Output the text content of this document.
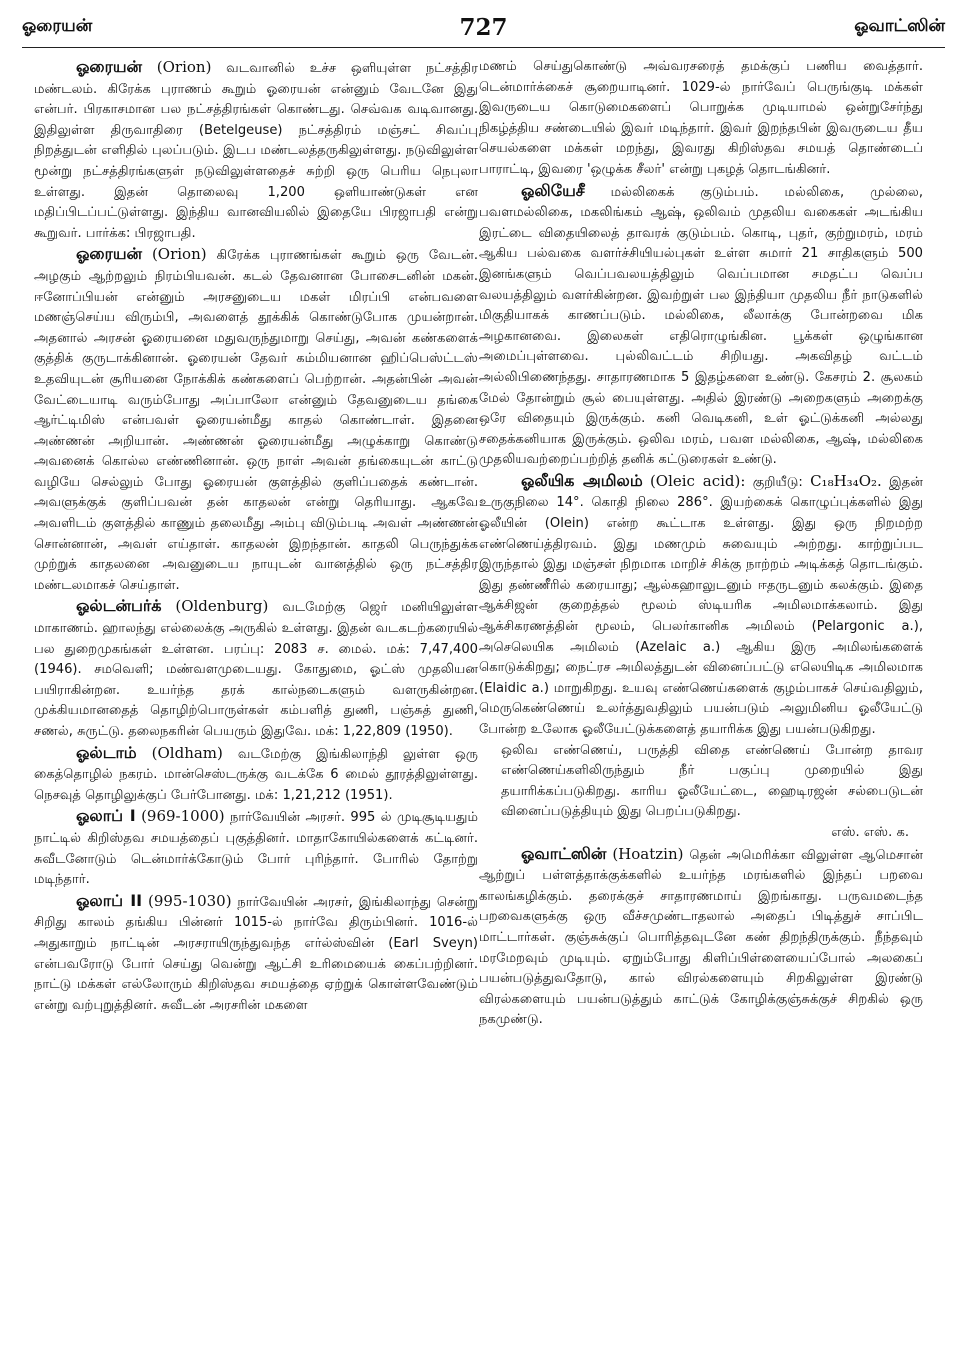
ஓரையன்	727	ஓவாட்ஸின்

ஓரையன் (Orion) வடவானில் உச்ச ஒளியுள்ள நட்சத்திர மண்டலம். கிரேக்க புராணம் கூறும் ஓரையன் என்னும் வேடனே இது என்பர். பிரகாசமான பல நட்சத்திரங்கள் கொண்டது. செவ்வக வடிவானது. இதிலுள்ள திருவாதிரை (Betelgeuse) நட்சத்திரம் மஞ்சட் சிவப்பு நிறத்துடன் எளிதில் புலப்படும். இடப மண்டலத்தருகிலுள்ளது. நடுவிலுள்ள மூன்று நட்சத்திரங்களுள் நடுவிலுள்ளதைச் சுற்றி ஒரு பெரிய நெபுலா உள்ளது. இதன் தொலைவு 1,200 ஒளியாண்டுகள் என மதிப்பிடப்பட்டுள்ளது. இந்திய வானவியலில் இதையே பிரஜாபதி என்று கூறுவர். பார்க்க: பிரஜாபதி.

ஓரையன் (Orion) கிரேக்க புராணங்கள் கூறும் ஒரு வேடன். அழகும் ஆற்றலும் நிரம்பியவன். கடல் தேவனான போசைடனின் மகன். ஈனோப்பியன் என்னும் அரசனுடைய மகள் மிரப்பி என்பவளை மணஞ்செய்ய விரும்பி, அவளைத் தூக்கிக் கொண்டுபோக முயன்றான். அதனால் அரசன் ஓரையனை மதுவருந்துமாறு செய்து, அவன் கண்களைக் குத்திக் குருடாக்கினான். ஓரையன் தேவர் கம்மியனான ஹிப்பெஸ்ட்டஸ் உதவியுடன் சூரியனை நோக்கிக் கண்களைப் பெற்றான். அதன்பின் அவன் வேட்டையாடி வரும்போது அப்பாலோ என்னும் தேவனுடைய தங்கை ஆர்ட்டிமிஸ் என்பவள் ஓரையன்மீது காதல் கொண்டாள். இதனை அண்ணன் அறியான். அண்ணன் ஓரையன்மீது அழுக்காறு கொண்டு அவனைக் கொல்ல எண்ணினான். ஒரு நாள் அவன் தங்கையுடன் காட்டு வழியே செல்லும் போது ஓரையன் குளத்தில் குளிப்பதைக் கண்டான். அவளுக்குக் குளிப்பவன் தன் காதலன் என்று தெரியாது. ஆகவே அவளிடம் குளத்தில் காணும் தலைமீது அம்பு விடும்படி அவள் அண்ணன் சொன்னான், அவள் எய்தாள். காதலன் இறந்தான். காதலி பெருந்துக்க முற்றுக் காதலனை அவனுடைய நாயுடன் வானத்தில் ஒரு நட்சத்திர மண்டலமாகச் செய்தாள்.

ஓல்டன்பர்க் (Oldenburg) வடமேற்கு ஜெர் மனியிலுள்ள மாகாணம். ஹாலந்து எல்லைக்கு அருகில் உள்ளது. இதன் வடகடற்கரையில் பல துறைமுகங்கள் உள்ளன. பரப்பு: 2083 ச. மைல். மக்: 7,47,400 (1946). சமவெளி; மண்வளமுடையது. கோதுமை, ஓட்ஸ் முதலியன பயிராகின்றன. உயர்ந்த தரக் கால்நடைகளும் வளருகின்றன. முக்கியமானதைத் தொழிற்பொருள்கள் கம்பளித் துணி, பஞ்சுத் துணி, சணல், சுருட்டு. தலைநகரின் பெயரும் இதுவே. மக்: 1,22,809 (1950).

ஓல்டாம் (Oldham) வடமேற்கு இங்கிலாந்தி லுள்ள ஒரு கைத்தொழில் நகரம். மான்செஸ்டருக்கு வடக்கே 6 மைல் தூரத்திலுள்ளது. நெசவுத் தொழிலுக்குப் பேர்போனது. மக்: 1,21,212 (1951).

ஓலாப் I (969-1000) நார்வேயின் அரசர். 995 ல் முடிசூடியதும் நாட்டில் கிறிஸ்தவ சமயத்தைப் புகுத்தினர். மாதாகோயில்களைக் கட்டினர். சுவீடனோடும் டென்மார்க்கோடும் போர் புரிந்தார். போரில் தோற்று மடிந்தார்.

ஓலாப் II (995-1030) நார்வேயின் அரசர், இங்கிலாந்து சென்று சிறிது காலம் தங்கிய பின்னர் 1015-ல் நார்வே திரும்பினர். 1016-ல் அதுகாறும் நாட்டின் அரசராயிருந்துவந்த எர்ல்ஸ்வின் (Earl Sveyn) என்பவரோடு போர் செய்து வென்று ஆட்சி உரிமையைக் கைப்பற்றினர். நாட்டு மக்கள் எல்லோரும் கிறிஸ்தவ சமயத்தை ஏற்றுக் கொள்ளவேண்டும் என்று வற்புறுத்தினர். சுவீடன் அரசரின் மகளை

மணம் செய்துகொண்டு அவ்வரசரைத் தமக்குப் பணிய வைத்தார். டென்மார்க்கைச் சூறையாடினர். 1029-ல் நார்வேப் பெருங்குடி மக்கள் இவருடைய கொடுமைகளைப் பொறுக்க முடியாமல் ஒன்றுசேர்ந்து நிகழ்த்திய சண்டையில் இவர் மடிந்தார். இவர் இறந்தபின் இவருடைய தீய செயல்களை மக்கள் மறந்து, இவரது கிறிஸ்தவ சமயத் தொண்டைப் பாராட்டி, இவரை 'ஒழுக்க சீலர்' என்று புகழத் தொடங்கினர்.

ஓலியேசீ மல்லிகைக் குடும்பம். மல்லிகை, முல்லை, பவளமல்லிகை, மகலிங்கம் ஆஷ், ஒலிவம் முதலிய வகைகள் அடங்கிய இரட்டை விதையிலைத் தாவரக் குடும்பம். கொடி, புதர், குற்றுமரம், மரம் ஆகிய பல்வகை வளர்ச்சியியல்புகள் உள்ள சுமார் 21 சாதிகளும் 500 இனங்களும் வெப்பவலயத்திலும் வெப்பமான சமதட்ப வெப்ப வலயத்திலும் வளர்கின்றன. இவற்றுள் பல இந்தியா முதலிய நீர் நாடுகளில் மிகுதியாகக் காணப்படும். மல்லிகை, லீலாக்கு போன்றவை மிக அழகானவை. இலைகள் எதிரொழுங்கின. பூக்கள் ஒழுங்கான அமைப்புள்ளவை. புல்லிவட்டம் சிறியது. அகவிதழ் வட்டம் அல்லிபிணைந்தது. சாதாரணமாக 5 இதழ்களை உண்டு. கேசரம் 2. சூலகம் மேல் தோன்றும் சூல் பையுள்ளது. அதில் இரண்டு அறைகளும் அறைக்கு ஒரே விதையும் இருக்கும். கனி வெடிகனி, உள் ஓட்டுக்கனி அல்லது சதைக்கனியாக இருக்கும். ஒலிவ மரம், பவள மல்லிகை, ஆஷ், மல்லிகை முதலியவற்றைப்பற்றித் தனிக் கட்டுரைகள் உண்டு.

ஓலீயிக அமிலம் (Oleic acid): குறியீடு: C₁₈H₃₄O₂. இதன் உருகுநிலை 14°. கொதி நிலை 286°. இயற்கைக் கொழுப்புக்களில் இது ஓலீயின் (Olein) என்ற கூட்டாக உள்ளது. இது ஒரு நிறமற்ற எண்ணெய்த்திரவம். இது மணமும் சுவையும் அற்றது. காற்றுப்பட இருந்தால் இது மஞ்சள் நிறமாக மாறிச் சிக்கு நாற்றம் அடிக்கத் தொடங்கும். இது தண்ணீரில் கரையாது; ஆல்கஹாலுடனும் ஈதருடனும் கலக்கும். இதை ஆக்சிஜன் குறைத்தல் மூலம் ஸ்டியரிக அமிலமாக்கலாம். இது ஆக்சிகரணத்தின் மூலம், பெலர்கானிக அமிலம் (Pelargonic a.), அசெலெயிக அமிலம் (Azelaic a.) ஆகிய இரு அமிலங்களைக் கொடுக்கிறது; நைட்ரச அமிலத்துடன் வினைப்பட்டு எலெயிடிக அமிலமாக (Elaidic a.) மாறுகிறது. உயவு எண்ணெய்களைக் குழம்பாகச் செய்வதிலும், மெருகெண்ணெய் உலர்த்துவதிலும் பயன்படும் அலுமினிய ஓலீயேட்டு போன்ற உலோக ஓலீயேட்டுக்களைத் தயாரிக்க இது பயன்படுகிறது.

ஒலிவ எண்ணெய், பருத்தி விதை எண்ணெய் போன்ற தாவர எண்ணெய்களிலிருந்தும் நீர் பகுப்பு முறையில் இது தயாரிக்கப்படுகிறது. காரிய ஓலீயேட்டை, ஹைடிரஜன் சல்பைடுடன் வினைப்படுத்தியும் இது பெறப்படுகிறது.

எஸ். எஸ். க.

ஓவாட்ஸின் (Hoatzin) தென் அமெரிக்கா விலுள்ள ஆமெசான் ஆற்றுப் பள்ளத்தாக்குக்களில் உயர்ந்த மரங்களில் இந்தப் பறவை காலங்கழிக்கும். தரைக்குச் சாதாரணமாய் இறங்காது. பருவமடைந்த பறவைகளுக்கு ஒரு வீச்சமுண்டாதலால் அதைப் பிடித்துச் சாப்பிட மாட்டார்கள். குஞ்சுக்குப் பொரித்தவுடனே கண் திறந்திருக்கும். நீந்தவும் மரமேறவும் முடியும். ஏறும்போது கிளிப்பிள்ளையைப்போல் அலகைப் பயன்படுத்துவதோடு, கால் விரல்களையும் சிறகிலுள்ள இரண்டு விரல்களையும் பயன்படுத்தும் காட்டுக் கோழிக்குஞ்சுக்குச் சிறகில் ஒரு நகமுண்டு.
